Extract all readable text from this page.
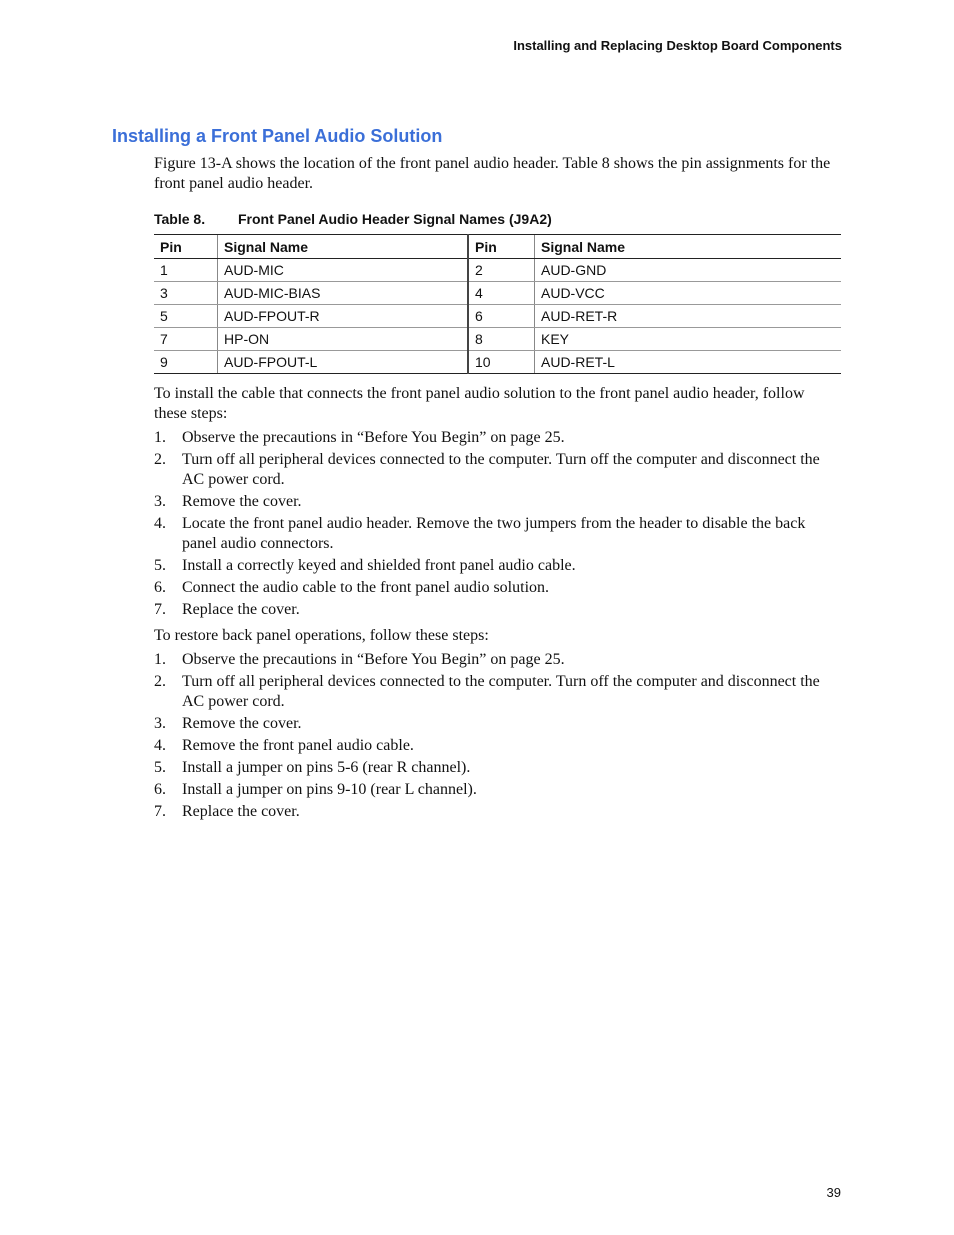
Installing and Replacing Desktop Board Components
Installing a Front Panel Audio Solution

Figure 13-A shows the location of the front panel audio header. Table 8 shows the pin assignments for the front panel audio header.

Table 8. Front Panel Audio Header Signal Names (J9A2)
Pin	Signal Name	Pin	Signal Name
1	AUD-MIC	2	AUD-GND
3	AUD-MIC-BIAS	4	AUD-VCC
5	AUD-FPOUT-R	6	AUD-RET-R
7	HP-ON	8	KEY
9	AUD-FPOUT-L	10	AUD-RET-L

To install the cable that connects the front panel audio solution to the front panel audio header, follow these steps:

1. Observe the precautions in “Before You Begin” on page 25.
2. Turn off all peripheral devices connected to the computer. Turn off the computer and disconnect the AC power cord.
3. Remove the cover.
4. Locate the front panel audio header. Remove the two jumpers from the header to disable the back panel audio connectors.
5. Install a correctly keyed and shielded front panel audio cable.
6. Connect the audio cable to the front panel audio solution.
7. Replace the cover.

To restore back panel operations, follow these steps:

1. Observe the precautions in “Before You Begin” on page 25.
2. Turn off all peripheral devices connected to the computer. Turn off the computer and disconnect the AC power cord.
3. Remove the cover.
4. Remove the front panel audio cable.
5. Install a jumper on pins 5-6 (rear R channel).
6. Install a jumper on pins 9-10 (rear L channel).
7. Replace the cover.
39
